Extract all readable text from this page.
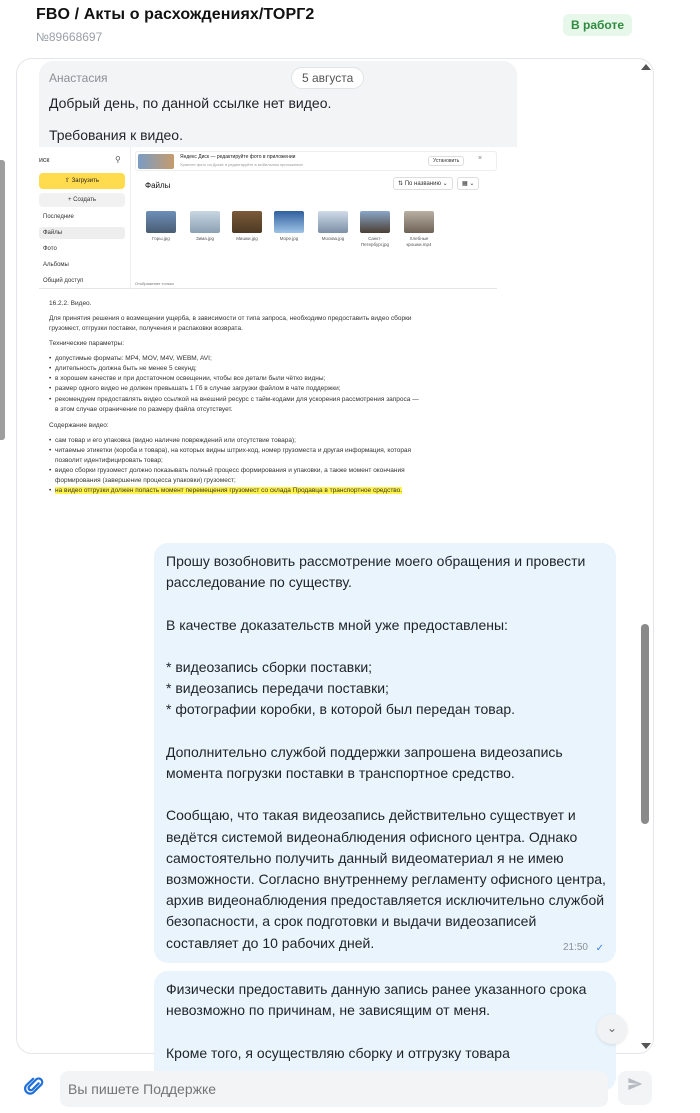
FBO / Акты о расхождениях/ТОРГ2
№89668697
В работе
Анастасия	5 августа
Добрый день, по данной ссылке нет видео.
Требования к видео.
иск	⚲
⇧ Загрузить
+ Создать
Последние
Файлы
Фото
Альбомы
Общий доступ
Яндекс Диск — редактируйте фото в приложении
Храните фото на Диске и редактируйте в мобильном приложении
Установить	×
Файлы	⇅ По названию ⌄	▦ ⌄
Горы.jpg	Зима.jpg	Мишки.jpg	Море.jpg	Москва.jpg	Санкт-Петербург.jpg
Хлебные крошки.mp4
Отображение только

16.2.2. Видео.

Для принятия решения о возмещении ущерба, в зависимости от типа запроса, необходимо предоставить видео сборки грузомест, отгрузки поставки, получения и распаковки возврата.

Технические параметры:

• допустимые форматы: MP4, MOV, M4V, WEBM, AVI;
• длительность должна быть не менее 5 секунд;
• в хорошем качестве и при достаточном освещении, чтобы все детали были чётко видны;
• размер одного видео не должен превышать 1 Гб в случае загрузки файлом в чате поддержки;
• рекомендуем предоставлять видео ссылкой на внешний ресурс с тайм-кодами для ускорения рассмотрения запроса — в этом случае ограничение по размеру файла отсутствует.

Содержание видео:

• сам товар и его упаковка (видно наличие повреждений или отсутствие товара);
• читаемые этикетки (короба и товара), на которых видны штрих-код, номер грузоместа и другая информация, которая позволит идентифицировать товар;
• видео сборки грузомест должно показывать полный процесс формирования и упаковки, а также момент окончания формирования (завершение процесса упаковки) грузомест;
• на видео отгрузки должен попасть момент перемещения грузомест со склада Продавца в транспортное средство.
Прошу возобновить рассмотрение моего обращения и провести расследование по существу.

В качестве доказательств мной уже предоставлены:

* видеозапись сборки поставки;
* видеозапись передачи поставки;
* фотографии коробки, в которой был передан товар.

Дополнительно службой поддержки запрошена видеозапись момента погрузки поставки в транспортное средство.

Сообщаю, что такая видеозапись действительно существует и ведётся системой видеонаблюдения офисного центра. Однако самостоятельно получить данный видеоматериал я не имею возможности. Согласно внутреннему регламенту офисного центра, архив видеонаблюдения предоставляется исключительно службой безопасности, а срок подготовки и выдачи видеозаписей составляет до 10 рабочих дней.	21:50 ✓
Физически предоставить данную запись ранее указанного срока невозможно по причинам, не зависящим от меня.

Кроме того, я осуществляю сборку и отгрузку товара
⌄
Вы пишете Поддержке
